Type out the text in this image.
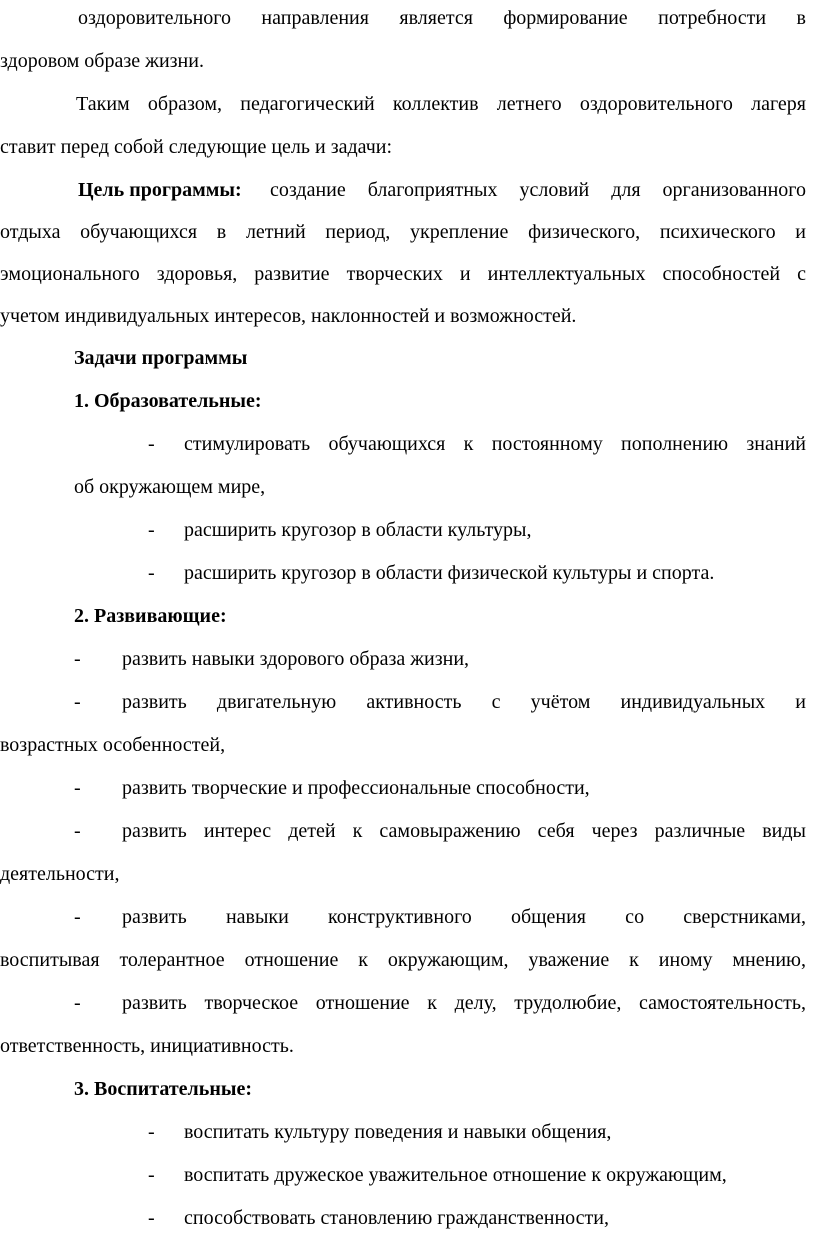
оздоровительного направления является формирование потребности в
здоровом образе жизни.
Таким образом, педагогический коллектив летнего оздоровительного лагеря
ставит перед собой следующие цель и задачи:
Цель программы: создание благоприятных условий для организованного
отдыха обучающихся в летний период, укрепление физического, психического и
эмоционального здоровья, развитие творческих и интеллектуальных способностей с
учетом индивидуальных интересов, наклонностей и возможностей.
Задачи программы
1. Образовательные:
- стимулировать обучающихся к постоянному пополнению знаний
об окружающем мире,
- расширить кругозор в области культуры,
- расширить кругозор в области физической культуры и спорта.
2. Развивающие:
- развить навыки здорового образа жизни,
- развить двигательную активность с учётом индивидуальных и
возрастных особенностей,
- развить творческие и профессиональные способности,
- развить интерес детей к самовыражению себя через различные виды
деятельности,
- развить навыки конструктивного общения со сверстниками,
воспитывая толерантное отношение к окружающим, уважение к иному мнению,
- развить творческое отношение к делу, трудолюбие, самостоятельность,
ответственность, инициативность.
3. Воспитательные:
- воспитать культуру поведения и навыки общения,
- воспитать дружеское уважительное отношение к окружающим,
- способствовать становлению гражданственности,
